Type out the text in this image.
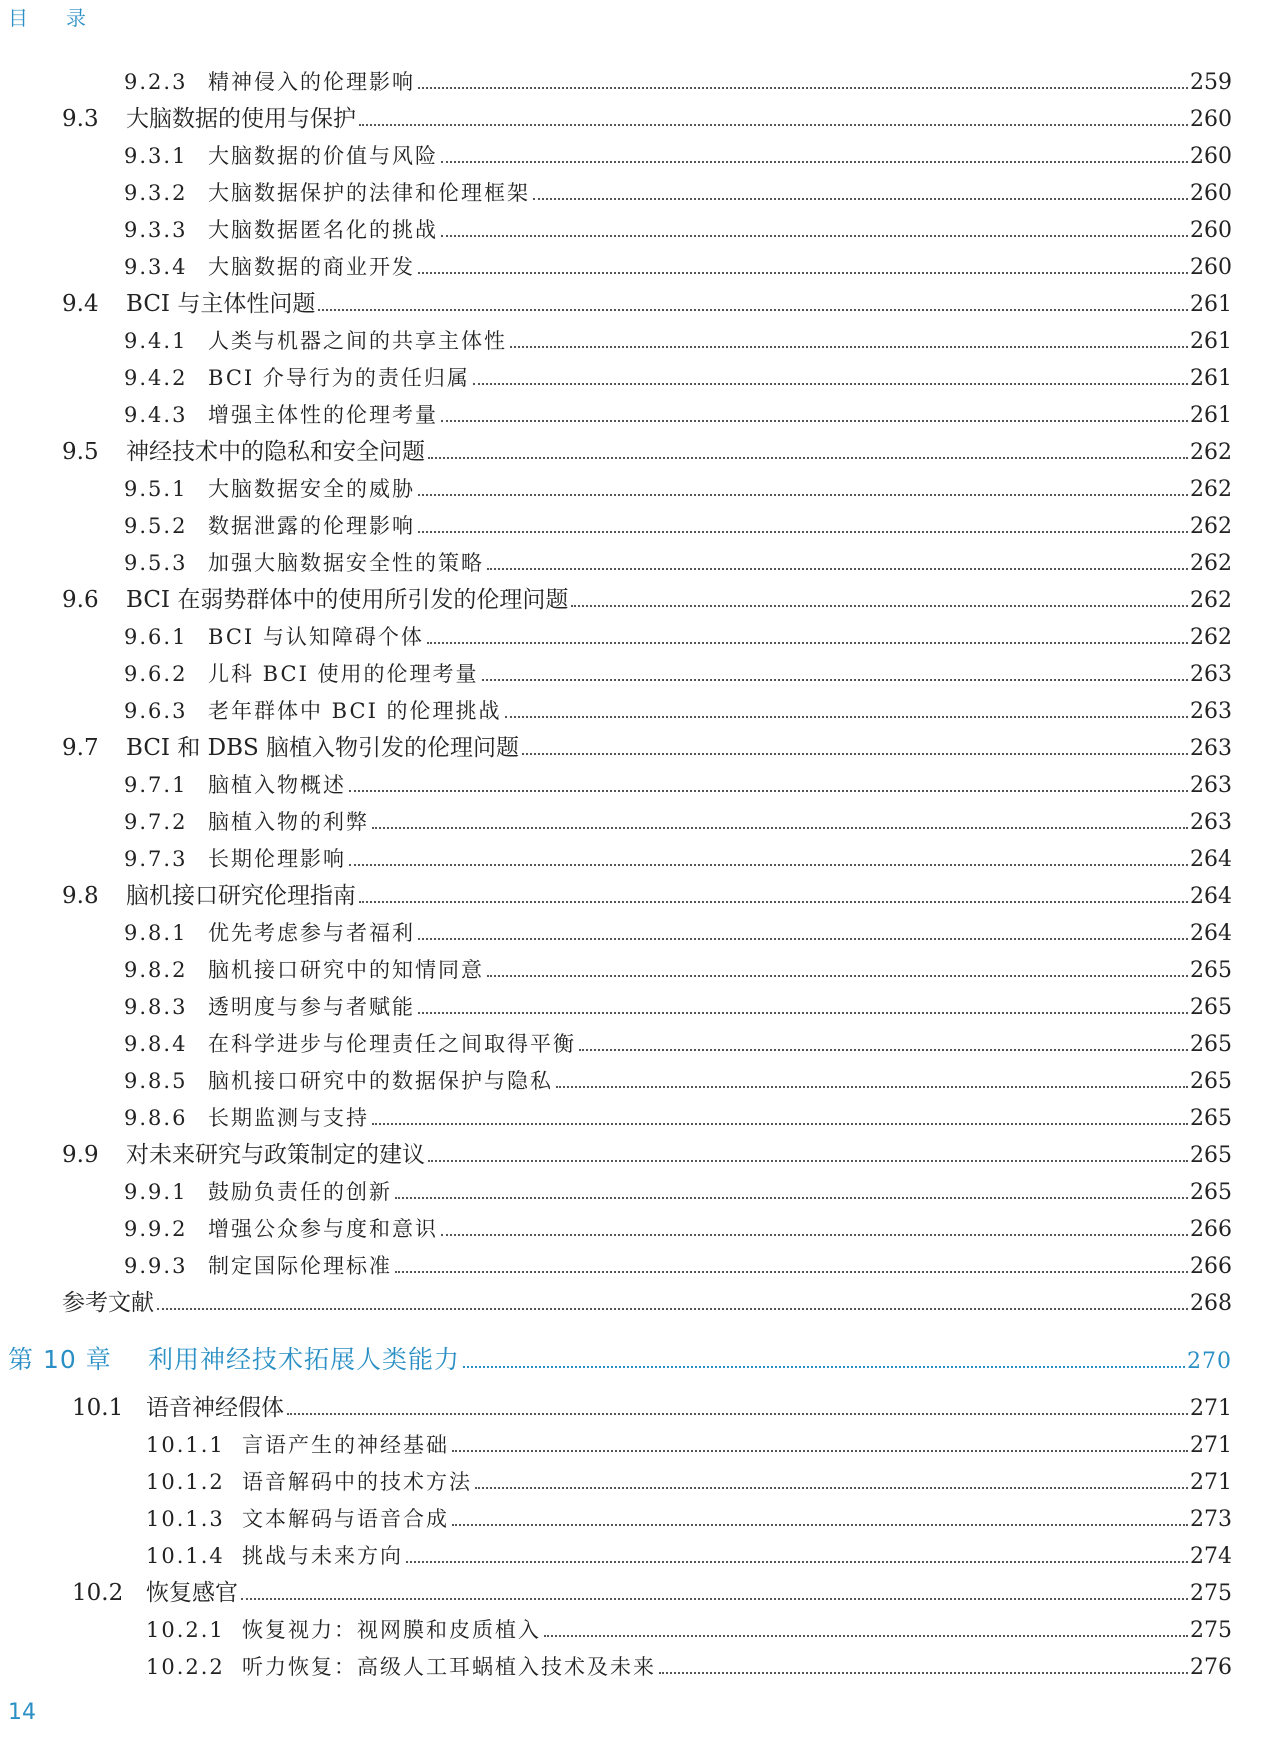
目 录
9.2.3 精神侵入的伦理影响	259
9.3	大脑数据的使用与保护	260
9.3.1 大脑数据的价值与风险	260
9.3.2 大脑数据保护的法律和伦理框架	260
9.3.3 大脑数据匿名化的挑战	260
9.3.4 大脑数据的商业开发	260
9.4	BCI 与主体性问题	261
9.4.1 人类与机器之间的共享主体性	261
9.4.2 BCI 介导行为的责任归属	261
9.4.3 增强主体性的伦理考量	261
9.5	神经技术中的隐私和安全问题	262
9.5.1 大脑数据安全的威胁	262
9.5.2 数据泄露的伦理影响	262
9.5.3 加强大脑数据安全性的策略	262
9.6	BCI 在弱势群体中的使用所引发的伦理问题	262
9.6.1 BCI 与认知障碍个体	262
9.6.2 儿科 BCI 使用的伦理考量	263
9.6.3 老年群体中 BCI 的伦理挑战	263
9.7	BCI 和 DBS 脑植入物引发的伦理问题	263
9.7.1 脑植入物概述	263
9.7.2 脑植入物的利弊	263
9.7.3 长期伦理影响	264
9.8	脑机接口研究伦理指南	264
9.8.1 优先考虑参与者福利	264
9.8.2 脑机接口研究中的知情同意	265
9.8.3 透明度与参与者赋能	265
9.8.4 在科学进步与伦理责任之间取得平衡	265
9.8.5 脑机接口研究中的数据保护与隐私	265
9.8.6 长期监测与支持	265
9.9	对未来研究与政策制定的建议	265
9.9.1 鼓励负责任的创新	265
9.9.2 增强公众参与度和意识	266
9.9.3 制定国际伦理标准	266
参考文献	268
第 10 章	利用神经技术拓展人类能力	270
10.1 语音神经假体	271
10.1.1 言语产生的神经基础	271
10.1.2 语音解码中的技术方法	271
10.1.3 文本解码与语音合成	273
10.1.4 挑战与未来方向	274
10.2 恢复感官	275
10.2.1 恢复视力：视网膜和皮质植入	275
10.2.2 听力恢复：高级人工耳蜗植入技术及未来	276
14
